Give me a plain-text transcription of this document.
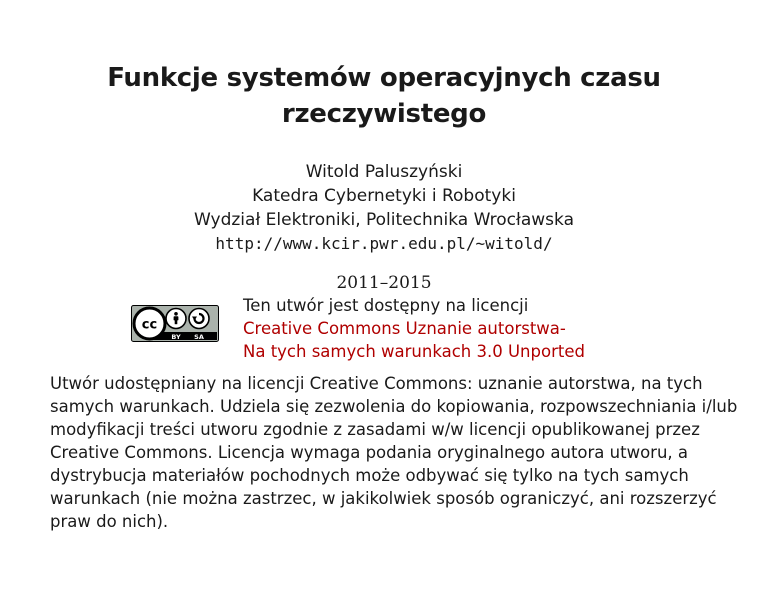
Funkcje systemów operacyjnych czasu
rzeczywistego
Witold Paluszyński
Katedra Cybernetyki i Robotyki
Wydział Elektroniki, Politechnika Wrocławska
http://www.kcir.pwr.edu.pl/~witold/
2011–2015
cc
BY SA
Ten utwór jest dostępny na licencji
Creative Commons Uznanie autorstwa-
Na tych samych warunkach 3.0 Unported
Utwór udostępniany na licencji Creative Commons: uznanie autorstwa, na tych
samych warunkach. Udziela się zezwolenia do kopiowania, rozpowszechniania i/lub
modyfikacji treści utworu zgodnie z zasadami w/w licencji opublikowanej przez
Creative Commons. Licencja wymaga podania oryginalnego autora utworu, a
dystrybucja materiałów pochodnych może odbywać się tylko na tych samych
warunkach (nie można zastrzec, w jakikolwiek sposób ograniczyć, ani rozszerzyć
praw do nich).
